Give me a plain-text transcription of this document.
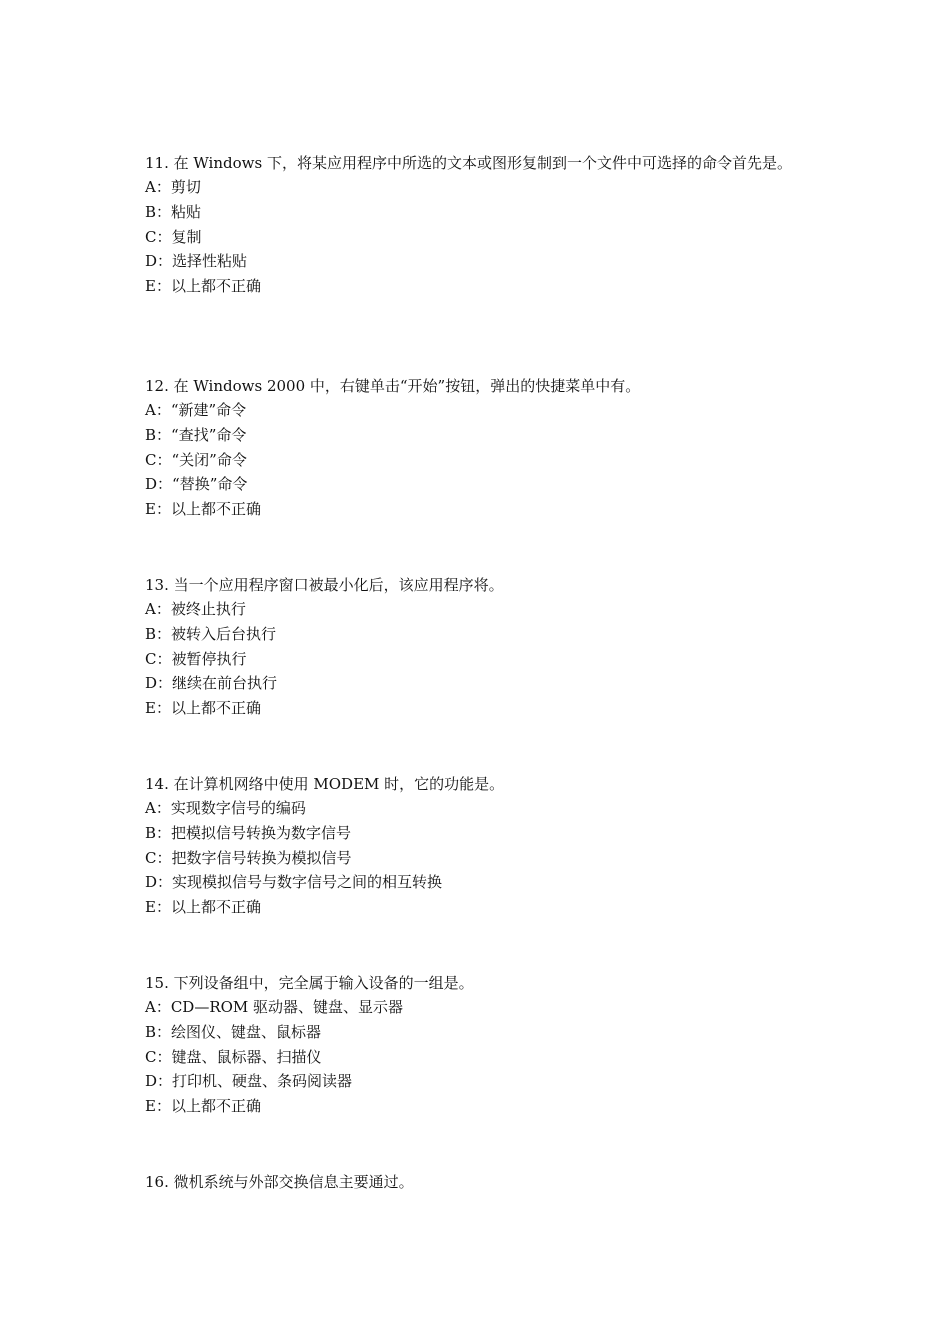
11. 在 Windows 下，将某应用程序中所选的文本或图形复制到一个文件中可选择的命令首先是。

A：剪切

B：粘贴

C：复制

D：选择性粘贴

E：以上都不正确

12. 在 Windows 2000 中，右键单击“开始”按钮，弹出的快捷菜单中有。

A：“新建”命令

B：“查找”命令

C：“关闭”命令

D：“替换”命令

E：以上都不正确

13. 当一个应用程序窗口被最小化后，该应用程序将。

A：被终止执行

B：被转入后台执行

C：被暂停执行

D：继续在前台执行

E：以上都不正确

14. 在计算机网络中使用 MODEM 时，它的功能是。

A：实现数字信号的编码

B：把模拟信号转换为数字信号

C：把数字信号转换为模拟信号

D：实现模拟信号与数字信号之间的相互转换

E：以上都不正确

15. 下列设备组中，完全属于输入设备的一组是。

A：CD—ROM 驱动器、键盘、显示器

B：绘图仪、键盘、鼠标器

C：键盘、鼠标器、扫描仪

D：打印机、硬盘、条码阅读器

E：以上都不正确

16. 微机系统与外部交换信息主要通过。
